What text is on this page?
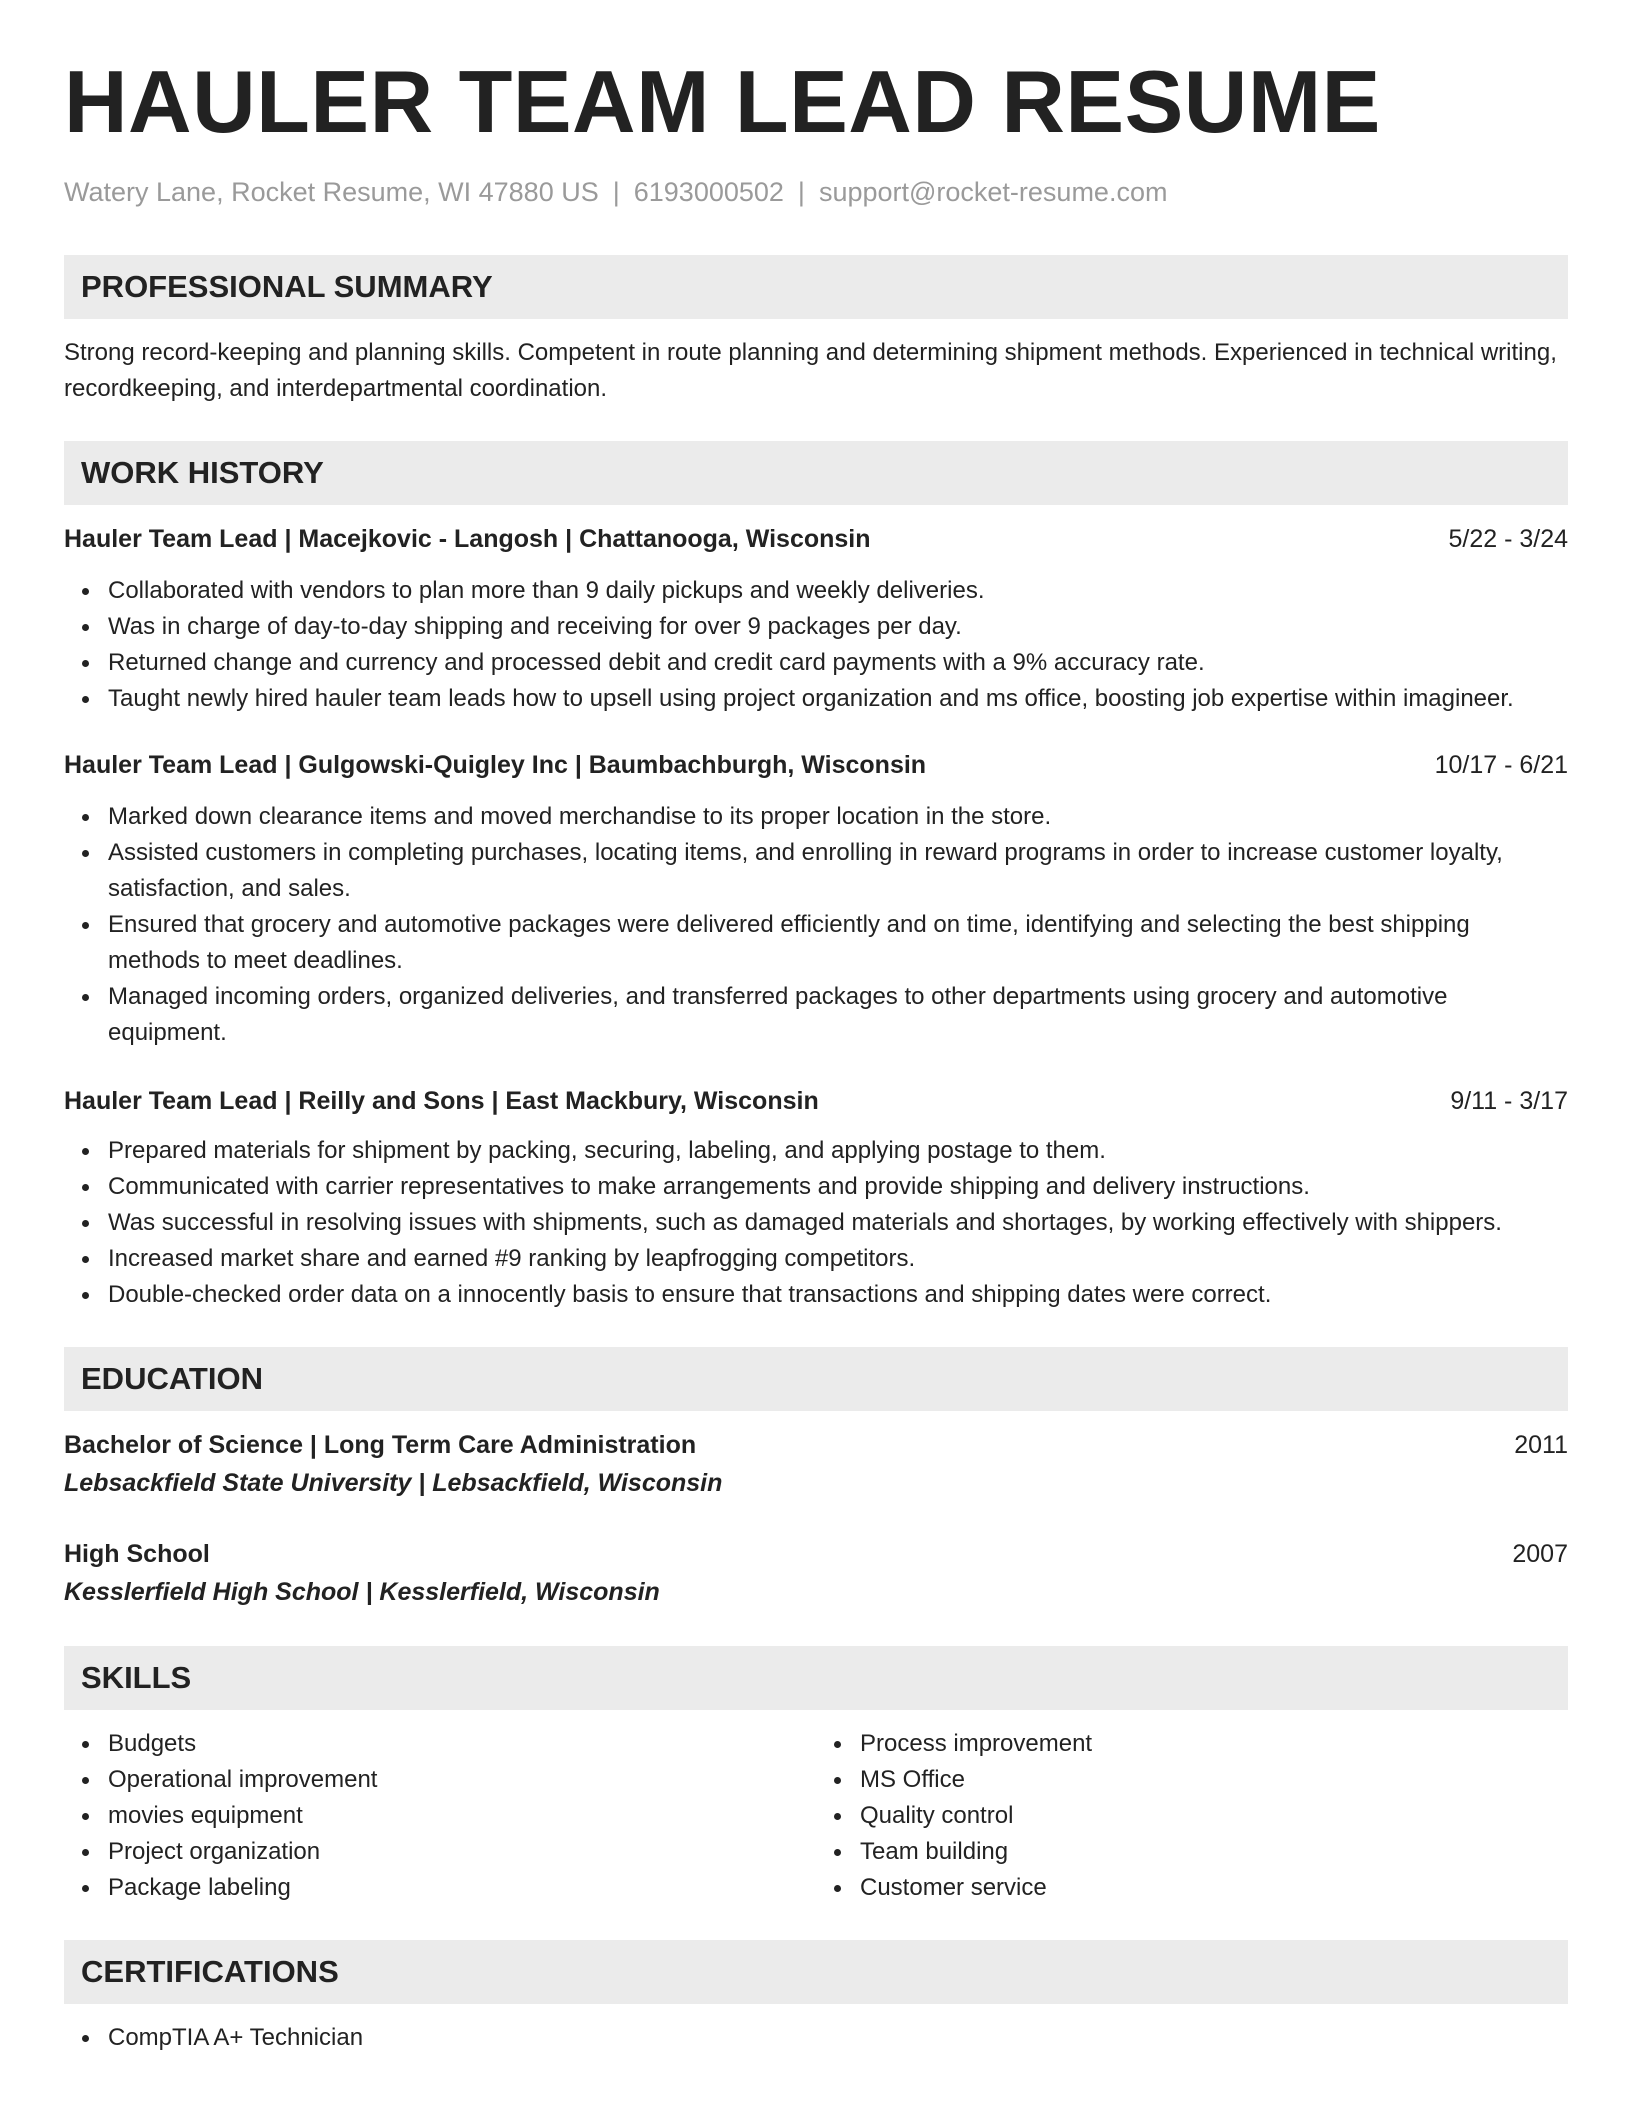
HAULER TEAM LEAD RESUME
Watery Lane, Rocket Resume, WI 47880 US | 6193000502 | support@rocket-resume.com
PROFESSIONAL SUMMARY
Strong record-keeping and planning skills. Competent in route planning and determining shipment methods. Experienced in technical writing, recordkeeping, and interdepartmental coordination.
WORK HISTORY
Hauler Team Lead | Macejkovic - Langosh | Chattanooga, Wisconsin	5/22 - 3/24
Collaborated with vendors to plan more than 9 daily pickups and weekly deliveries.
Was in charge of day-to-day shipping and receiving for over 9 packages per day.
Returned change and currency and processed debit and credit card payments with a 9% accuracy rate.
Taught newly hired hauler team leads how to upsell using project organization and ms office, boosting job expertise within imagineer.
Hauler Team Lead | Gulgowski-Quigley Inc | Baumbachburgh, Wisconsin	10/17 - 6/21
Marked down clearance items and moved merchandise to its proper location in the store.
Assisted customers in completing purchases, locating items, and enrolling in reward programs in order to increase customer loyalty, satisfaction, and sales.
Ensured that grocery and automotive packages were delivered efficiently and on time, identifying and selecting the best shipping methods to meet deadlines.
Managed incoming orders, organized deliveries, and transferred packages to other departments using grocery and automotive equipment.
Hauler Team Lead | Reilly and Sons | East Mackbury, Wisconsin	9/11 - 3/17
Prepared materials for shipment by packing, securing, labeling, and applying postage to them.
Communicated with carrier representatives to make arrangements and provide shipping and delivery instructions.
Was successful in resolving issues with shipments, such as damaged materials and shortages, by working effectively with shippers.
Increased market share and earned #9 ranking by leapfrogging competitors.
Double-checked order data on a innocently basis to ensure that transactions and shipping dates were correct.
EDUCATION
Bachelor of Science | Long Term Care Administration	2011
Lebsackfield State University | Lebsackfield, Wisconsin
High School	2007
Kesslerfield High School | Kesslerfield, Wisconsin
SKILLS
Budgets
Operational improvement
movies equipment
Project organization
Package labeling
Process improvement
MS Office
Quality control
Team building
Customer service
CERTIFICATIONS
CompTIA A+ Technician
